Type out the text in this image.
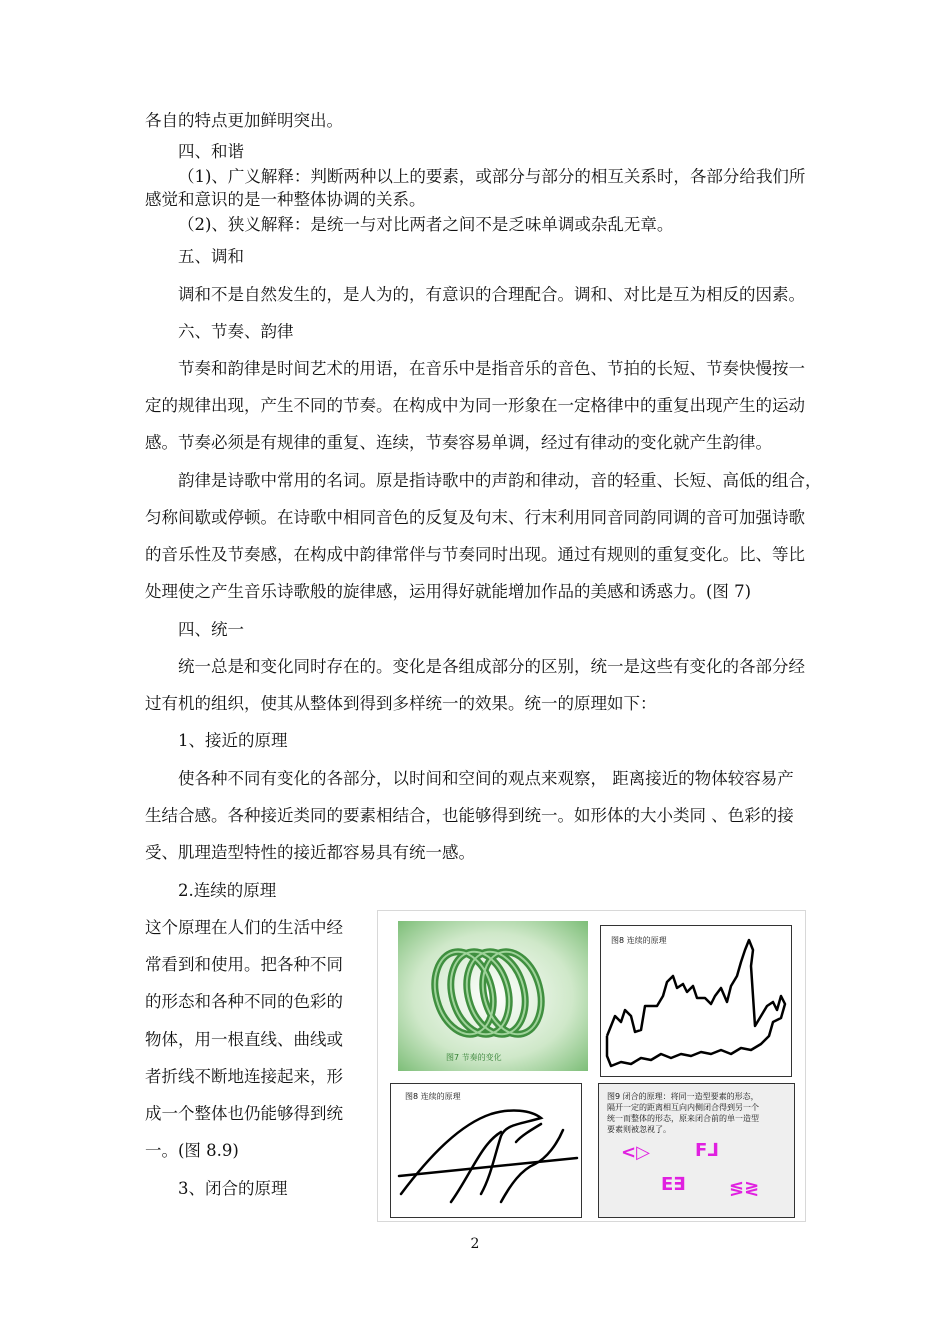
各自的特点更加鲜明突出。
四、和谐
（1)、广义解释：判断两种以上的要素，或部分与部分的相互关系时，各部分给我们所
感觉和意识的是一种整体协调的关系。
（2)、狭义解释：是统一与对比两者之间不是乏味单调或杂乱无章。
五、调和
调和不是自然发生的，是人为的，有意识的合理配合。调和、对比是互为相反的因素。
六、节奏、韵律
节奏和韵律是时间艺术的用语，在音乐中是指音乐的音色、节拍的长短、节奏快慢按一
定的规律出现，产生不同的节奏。在构成中为同一形象在一定格律中的重复出现产生的运动
感。节奏必须是有规律的重复、连续，节奏容易单调，经过有律动的变化就产生韵律。
韵律是诗歌中常用的名词。原是指诗歌中的声韵和律动，音的轻重、长短、高低的组合，
匀称间歇或停顿。在诗歌中相同音色的反复及句末、行末利用同音同韵同调的音可加强诗歌
的音乐性及节奏感，在构成中韵律常伴与节奏同时出现。通过有规则的重复变化。比、等比
处理使之产生音乐诗歌般的旋律感，运用得好就能增加作品的美感和诱惑力。(图 7)
四、统一
统一总是和变化同时存在的。变化是各组成部分的区别，统一是这些有变化的各部分经
过有机的组织，使其从整体到得到多样统一的效果。统一的原理如下：
1、接近的原理
使各种不同有变化的各部分，以时间和空间的观点来观察， 距离接近的物体较容易产
生结合感。各种接近类同的要素相结合，也能够得到统一。如形体的大小类同 、色彩的接
受、肌理造型特性的接近都容易具有统一感。
2.连续的原理
这个原理在人们的生活中经
常看到和使用。把各种不同
的形态和各种不同的色彩的
物体，用一根直线、曲线或
者折线不断地连接起来，形
成一个整体也仍能够得到统
一。(图 8.9)
3、闭合的原理
图7 节奏的变化
图8 连续的原理
图8 连续的原理	图9 闭合的原理：将同一造型要素的形态，
隔开一定的距离相互向内侧闭合得到另一个
统一而整体的形态，原来闭合前的单一造型
要素则被忽视了。
<▷	F⅃
E∃ ≶≷
2
